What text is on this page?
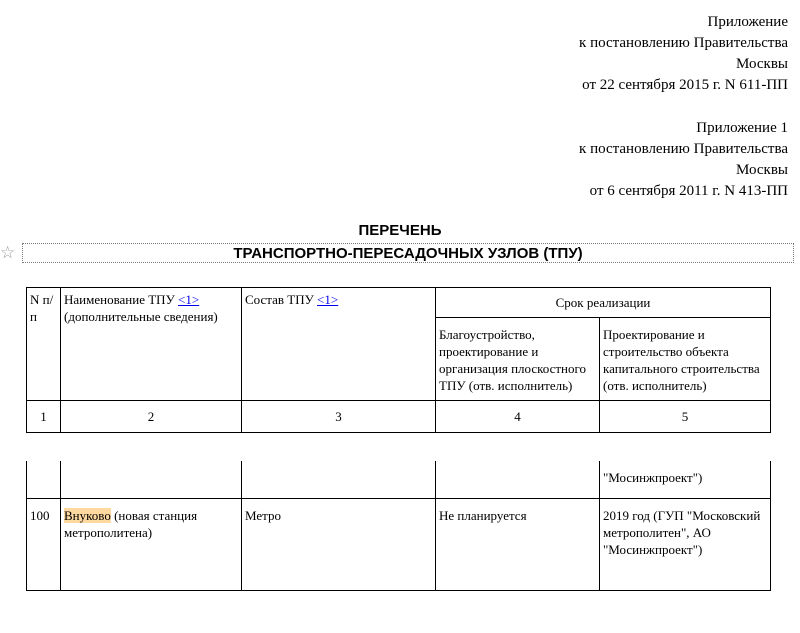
Приложение
к постановлению Правительства
Москвы
от 22 сентября 2015 г. N 611-ПП
Приложение 1
к постановлению Правительства
Москвы
от 6 сентября 2011 г. N 413-ПП
ПЕРЕЧЕНЬ
☆	ТРАНСПОРТНО-ПЕРЕСАДОЧНЫХ УЗЛОВ (ТПУ)
N п/п	Наименование ТПУ <1> (дополнительные сведения)	Состав ТПУ <1>	Срок реализации	
			Благоустройство, проектирование и организация плоскостного ТПУ (отв. исполнитель)	Проектирование и строительство объекта капитального строительства (отв. исполнитель)
1	2	3	4	5
				"Мосинжпроект")
100	Внуково (новая станция метрополитена)	Метро	Не планируется	2019 год (ГУП "Московский метрополитен", АО "Мосинжпроект")
